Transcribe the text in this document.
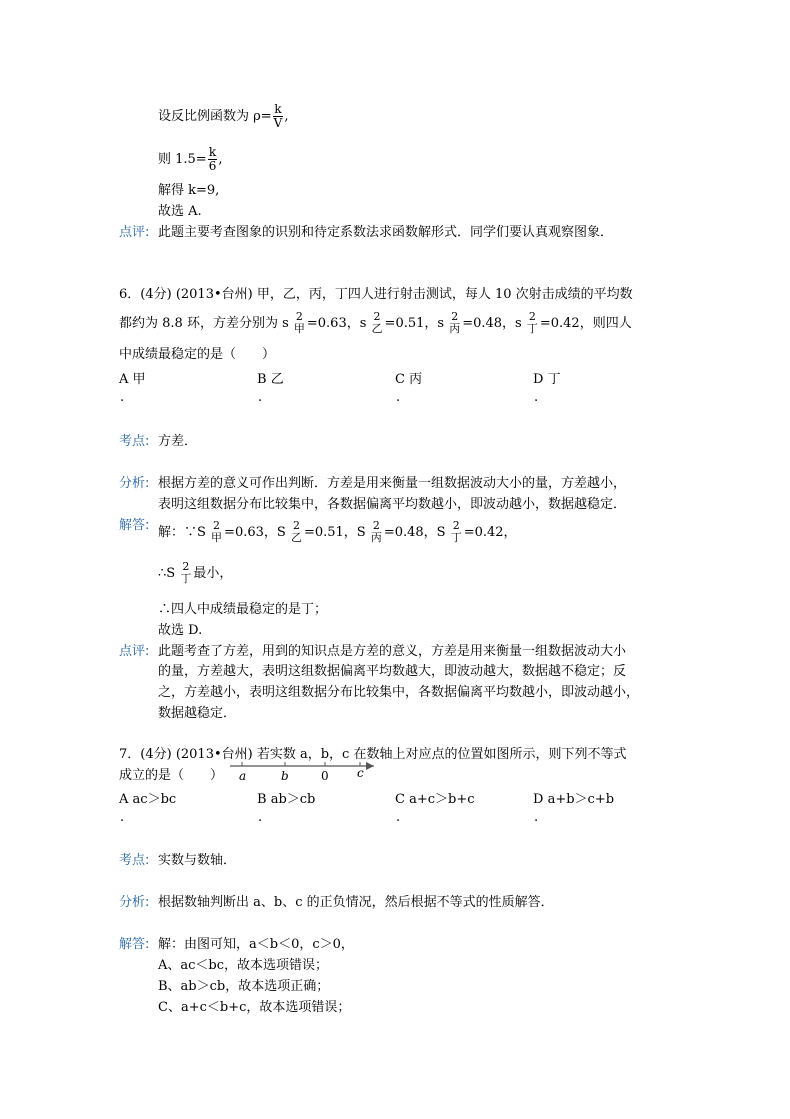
设反比例函数为 $\rho= \frac{k}{V}$ ,
则 $1.5= \frac{k}{6}$ ,
解得 k=9,
故选 A.
点评: 此题主要考查图象的识别和待定系数法求函数解形式．同学们要认真观察图象．
6．(4分) (2013•台州) 甲，乙，丙，丁四人进行射击测试，每人 10 次射击成绩的平均数
都约为 8.8 环，方差分别为 s 2
甲 =0.63，s 2
乙 =0.51，s 2
丙 =0.48，s 2
丁 =0.42，则四人
中成绩最稳定的是（　　）
A 甲	B 乙	C 丙	D 丁
.	.	.	.
考点: 方差．
分析: 根据方差的意义可作出判断．方差是用来衡量一组数据波动大小的量，方差越小，
表明这组数据分布比较集中，各数据偏离平均数越小，即波动越小，数据越稳定．
解答: 解：∵S 2
甲 =0.63，S 2
乙 =0.51，S 2
丙 =0.48，S 2
丁 =0.42，
∴S 2
丁 最小，
∴四人中成绩最稳定的是丁；
故选 D.
点评: 此题考查了方差，用到的知识点是方差的意义，方差是用来衡量一组数据波动大小
的量，方差越大，表明这组数据偏离平均数越大，即波动越大，数据越不稳定；反
之，方差越小，表明这组数据分布比较集中，各数据偏离平均数越小，即波动越小，
数据越稳定．
7．(4分) (2013•台州) 若实数 a，b，c 在数轴上对应点的位置如图所示，则下列不等式
成立的是（　　） a	b	0 c
A ac＞bc	B ab＞cb	C a+c＞b+c	D a+b＞c+b
.	.	.	.
考点: 实数与数轴．
分析: 根据数轴判断出 a、b、c 的正负情况，然后根据不等式的性质解答．
解答: 解：由图可知，a＜b＜0，c＞0，
A、ac＜bc，故本选项错误；
B、ab＞cb，故本选项正确；
C、a+c＜b+c，故本选项错误；
